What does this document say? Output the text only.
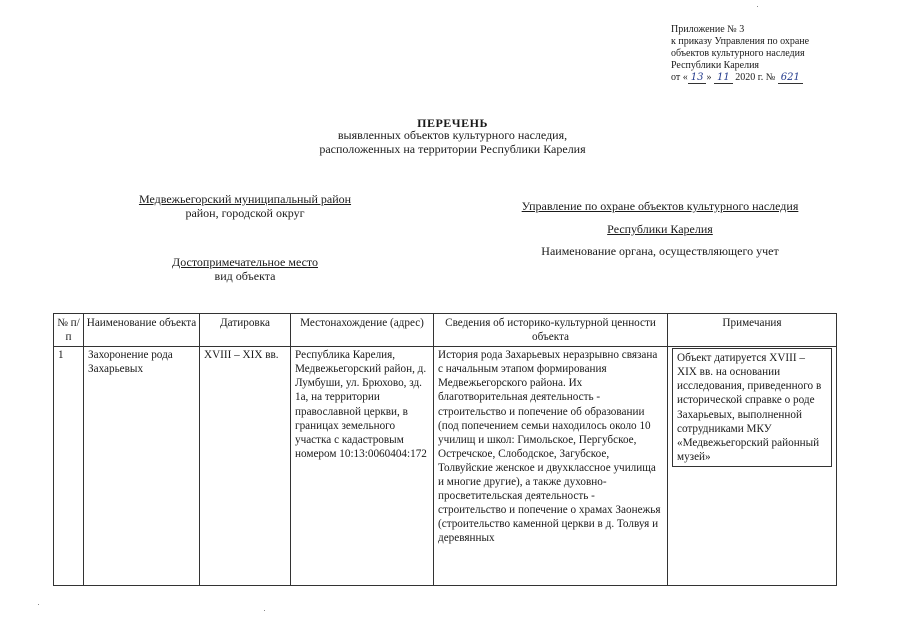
Приложение № 3
к приказу Управления по охране
объектов культурного наследия
Республики Карелия
от « 13 » 11 2020 г. № 621
ПЕРЕЧЕНЬ
выявленных объектов культурного наследия,
расположенных на территории Республики Карелия
Медвежьегорский муниципальный район
район, городской округ
Достопримечательное место
вид объекта
Управление по охране объектов культурного наследия
Республики Карелия
Наименование органа, осуществляющего учет
№ п/п	Наименование объекта	Датировка	Местонахождение (адрес)	Сведения об историко-культурной ценности объекта	Примечания
1	Захоронение рода Захарьевых	XVIII – XIX вв.	Республика Карелия, Медвежьегорский район, д. Лумбуши, ул. Брюхово, зд. 1а, на территории православной церкви, в границах земельного участка с кадастровым номером 10:13:0060404:172	История рода Захарьевых неразрывно связана с начальным этапом формирования Медвежьегорского района. Их благотворительная деятельность - строительство и попечение об образовании (под попечением семьи находилось около 10 училищ и школ: Гимольское, Пергубское, Остречское, Слободское, Загубское, Толвуйские женское и двухклассное училища и многие другие), а также духовно-просветительская деятельность - строительство и попечение о храмах Заонежья (строительство каменной церкви в д. Толвуя и деревянных	Объект датируется XVIII – XIX вв. на основании исследования, приведенного в исторической справке о роде Захарьевых, выполненной сотрудниками МКУ «Медвежьегорский районный музей»
